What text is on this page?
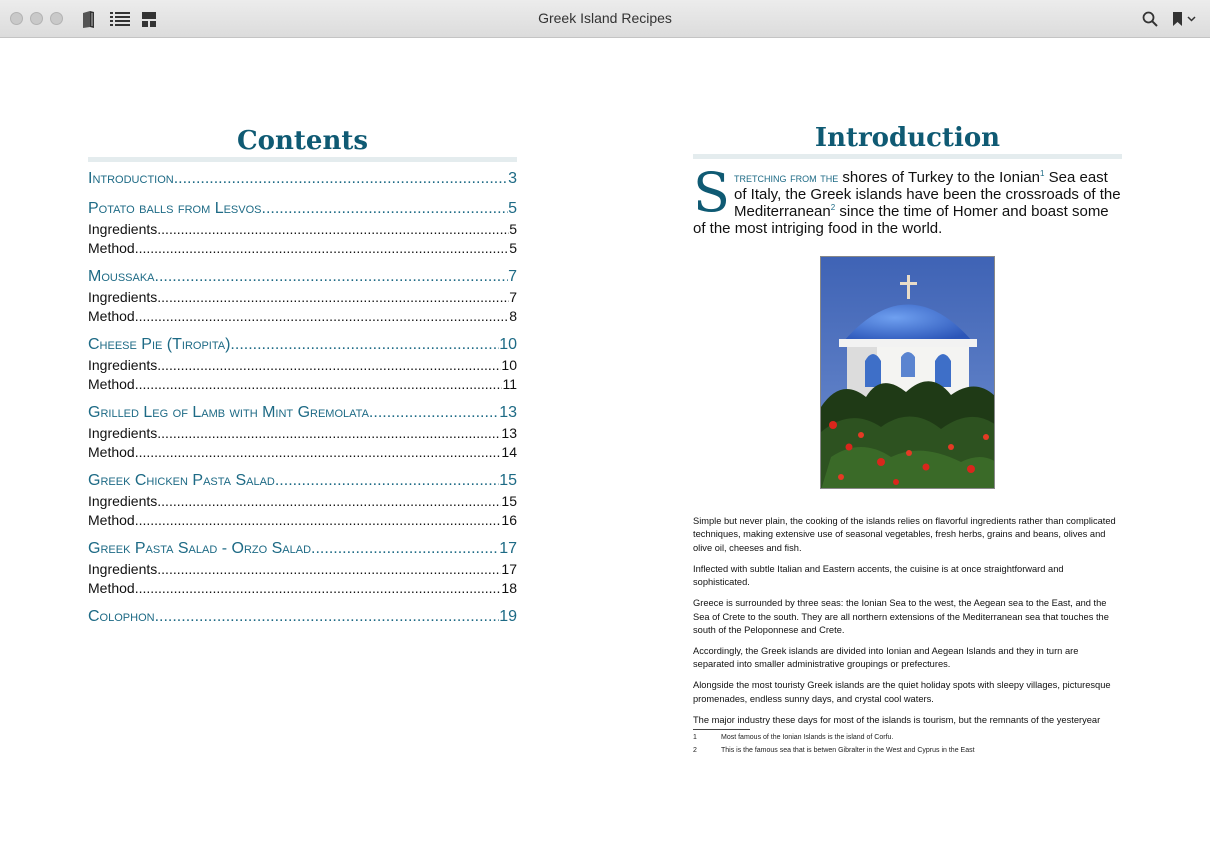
Greek Island Recipes
Contents
Introduction .....	3
Potato balls from Lesvos .....	5
Ingredients .....	5
Method .....	5
Moussaka .....	7
Ingredients .....	7
Method .....	8
Cheese Pie (Tiropita) .....	10
Ingredients .....	10
Method .....	11
Grilled Leg of Lamb with Mint Gremolata .....	13
Ingredients .....	13
Method .....	14
Greek Chicken Pasta Salad .....	15
Ingredients .....	15
Method .....	16
Greek Pasta Salad - Orzo Salad .....	17
Ingredients .....	17
Method .....	18
Colophon .....	19
Introduction
Stretching from the shores of Turkey to the Ionian$^1$ Sea east of Italy, the Greek islands have been the crossroads of the Mediterranean$^2$ since the time of Homer and boast some of the most intriging food in the world.

Simple but never plain, the cooking of the islands relies on flavorful ingredients rather than complicated techniques, making extensive use of seasonal vegetables, fresh herbs, grains and beans, olives and olive oil, cheeses and fish.

Inflected with subtle Italian and Eastern accents, the cuisine is at once straightforward and sophisticated.

Greece is surrounded by three seas: the Ionian Sea to the west, the Aegean sea to the East, and the Sea of Crete to the south. They are all northern extensions of the Mediterranean sea that touches the south of the Peloponnese and Crete.

Accordingly, the Greek islands are divided into Ionian and Aegean Islands and they in turn are separated into smaller administrative groupings or prefectures.

Alongside the most touristy Greek islands are the quiet holiday spots with sleepy villages, picturesque promenades, endless sunny days, and crystal cool waters.

The major industry these days for most of the islands is tourism, but the remnants of the yesteryear

1	Most famous of the Ionian Islands is the island of Corfu.
2	This is the famous sea that is betwen Gibralter in the West and Cyprus in the East
